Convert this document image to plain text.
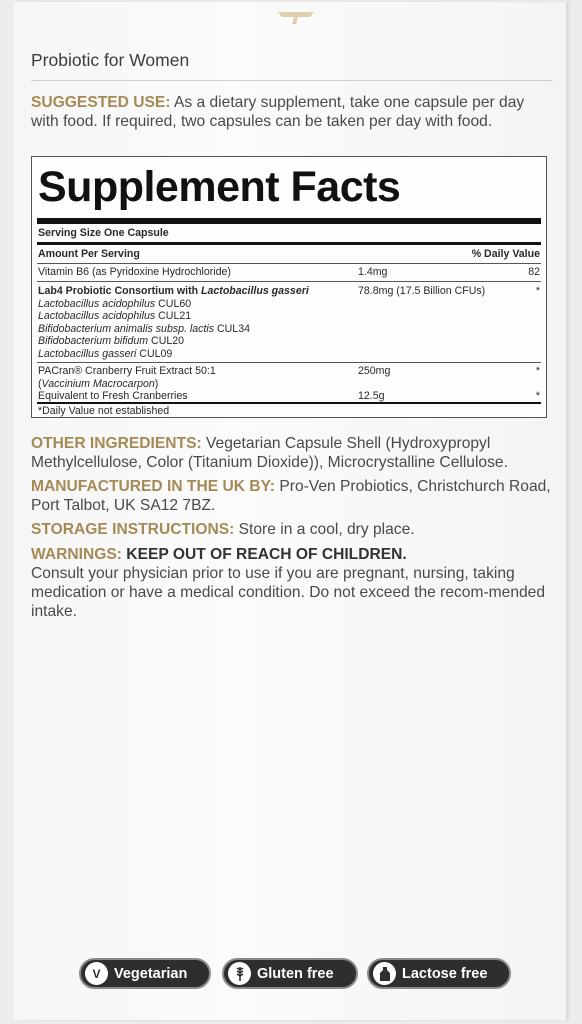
Probiotic for Women
SUGGESTED USE: As a dietary supplement, take one capsule per day with food. If required, two capsules can be taken per day with food.
Supplement Facts
Serving Size One Capsule
Amount Per Serving	% Daily Value
Vitamin B6 (as Pyridoxine Hydrochloride)	1.4mg	82
Lab4 Probiotic Consortium with Lactobacillus gasseri	78.8mg (17.5 Billion CFUs)	*
Lactobacillus acidophilus CUL60
Lactobacillus acidophilus CUL21
Bifidobacterium animalis subsp. lactis CUL34
Bifidobacterium bifidum CUL20
Lactobacillus gasseri CUL09
PACran® Cranberry Fruit Extract 50:1	250mg	*
(Vaccinium Macrocarpon)
Equivalent to Fresh Cranberries	12.5g	*
*Daily Value not established
OTHER INGREDIENTS: Vegetarian Capsule Shell (Hydroxypropyl Methylcellulose, Color (Titanium Dioxide)), Microcrystalline Cellulose.
MANUFACTURED IN THE UK BY: Pro-Ven Probiotics, Christchurch Road, Port Talbot, UK SA12 7BZ.
STORAGE INSTRUCTIONS: Store in a cool, dry place.
WARNINGS: KEEP OUT OF REACH OF CHILDREN.
Consult your physician prior to use if you are pregnant, nursing, taking medication or have a medical condition. Do not exceed the recom-mended intake.
V Vegetarian	Gluten free	Lactose free
